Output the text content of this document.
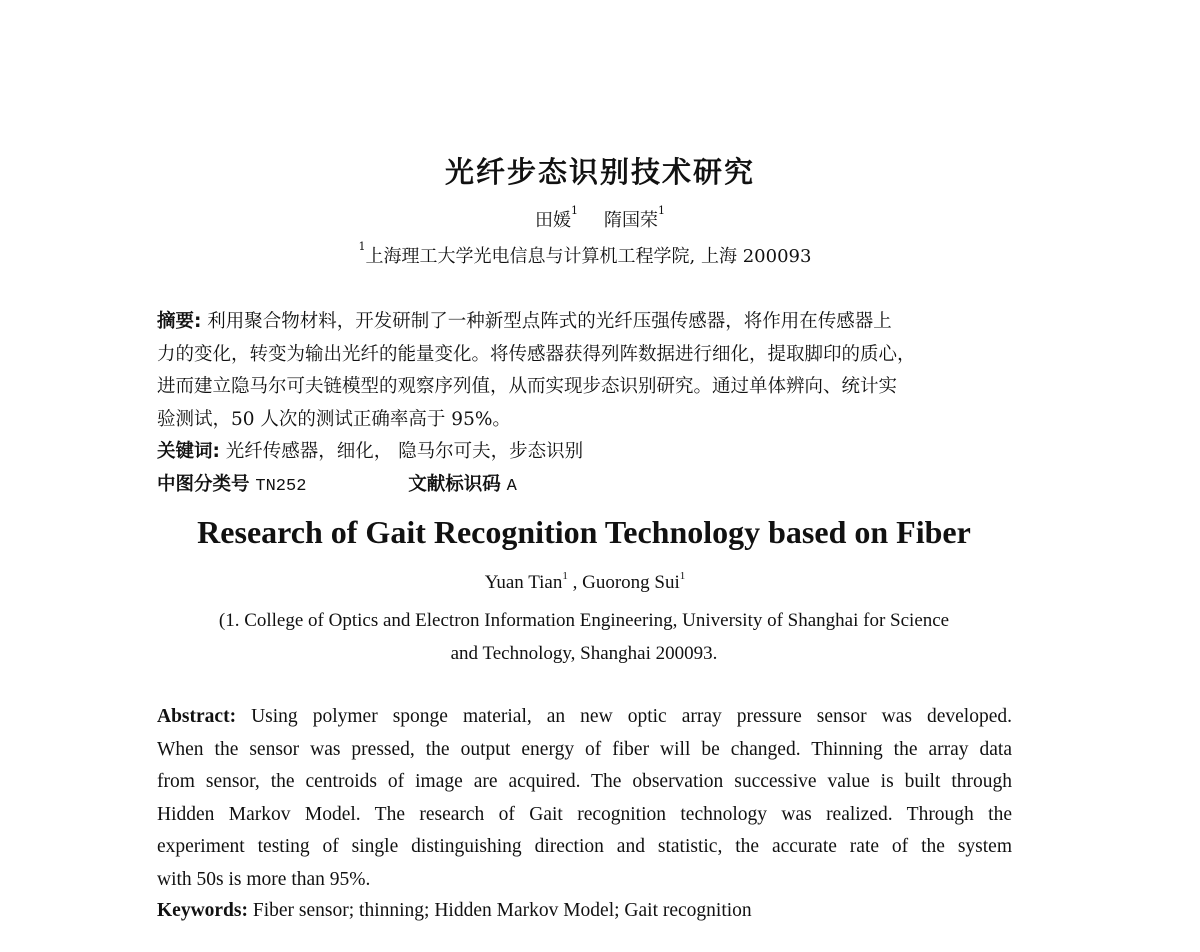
光纤步态识别技术研究
田媛$^1$ 隋国荣$^1$
$^1$上海理工大学光电信息与计算机工程学院, 上海 200093
摘要: 利用聚合物材料，开发研制了一种新型点阵式的光纤压强传感器，将作用在传感器上
力的变化，转变为输出光纤的能量变化。将传感器获得列阵数据进行细化，提取脚印的质心，
进而建立隐马尔可夫链模型的观察序列值，从而实现步态识别研究。通过单体辨向、统计实
验测试，50 人次的测试正确率高于 95%。
关键词: 光纤传感器，细化， 隐马尔可夫，步态识别
中图分类号 TN252	文献标识码 A
Research of Gait Recognition Technology based on Fiber
Yuan Tian$^1$ , Guorong Sui$^1$
(1. College of Optics and Electron Information Engineering, University of Shanghai for Science
and Technology, Shanghai 200093.
Abstract: Using polymer sponge material, an new optic array pressure sensor was developed.
When the sensor was pressed, the output energy of fiber will be changed. Thinning the array data
from sensor, the centroids of image are acquired. The observation successive value is built through
Hidden Markov Model. The research of Gait recognition technology was realized. Through the
experiment testing of single distinguishing direction and statistic, the accurate rate of the system
with 50s is more than 95%.
Keywords: Fiber sensor; thinning; Hidden Markov Model; Gait recognition
